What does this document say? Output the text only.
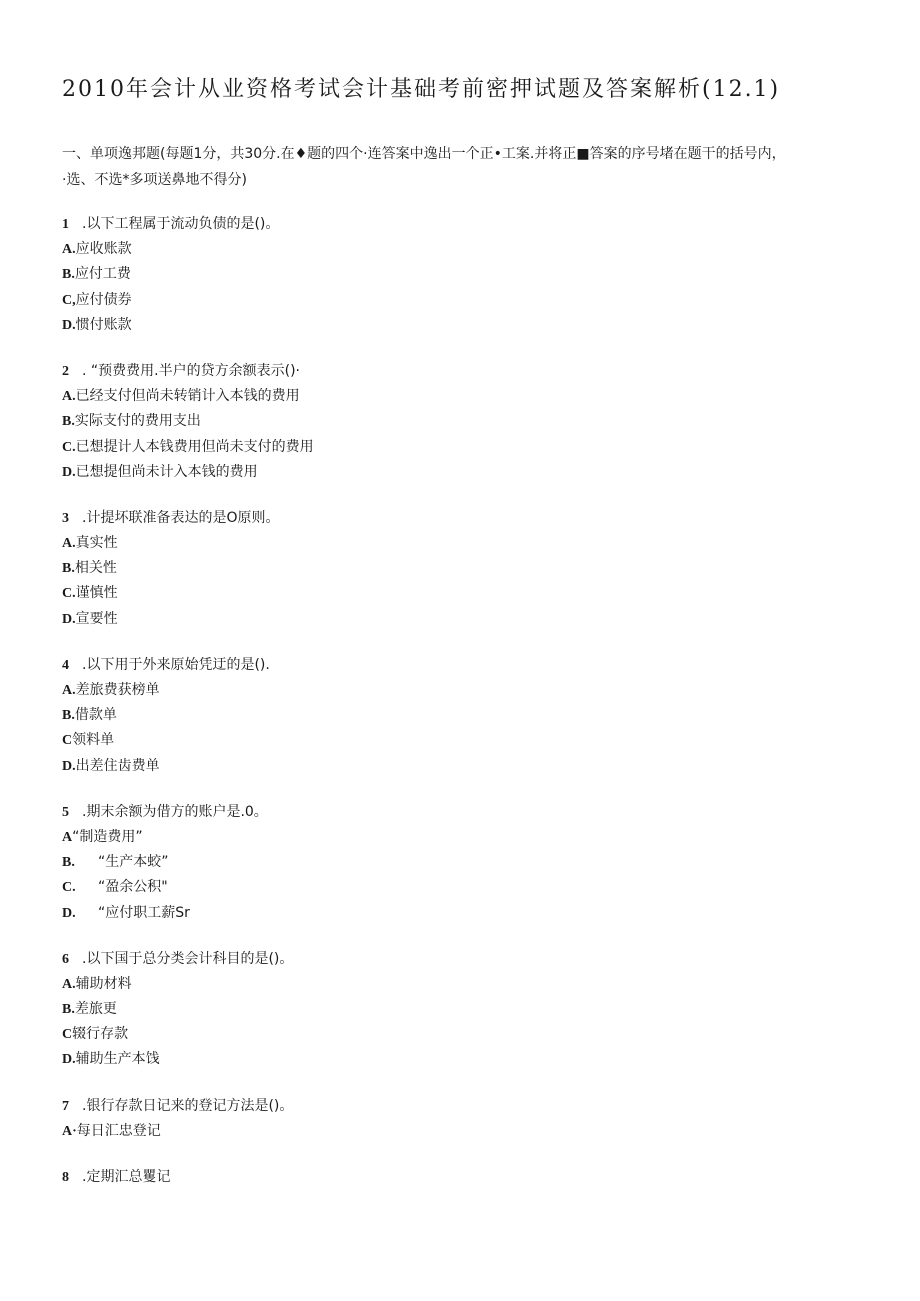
2010年会计从业资格考试会计基础考前密押试题及答案解析(12.1)
一、单项逸邦题(每题1分，共30分.在♦题的四个·连答案中逸出一个正•工案.并将正■答案的序号堵在题干的括号内，
·选、不选*多项送鼻地不得分)
1 .以下工程属于流动负债的是()。
A.应收账款
B.应付工费
C,应付债券
D.惯付账款
2 . “预费费用.半户的贷方余额表示()·
A.已经支付但尚未转销计入本钱的费用
B.实际支付的费用支出
C.已想提计人本钱费用但尚未支付的费用
D.已想提但尚未计入本钱的费用
3 .计提坏联准备表达的是O原则。
A.真实性
B.相关性
C.谨慎性
D.宣要性
4 .以下用于外来原始凭迂的是().
A.差旅费获榜单
B.借款单
C领料单
D.出差住齿费单
5 .期末余额为借方的账户是.0。
A“制造费用”
B. “生产本蛟”
C. “盈余公积"
D. “应付职工薪Sr
6 .以下国于总分类会计科目的是()。
A.辅助材料
B.差旅更
C辍行存款
D.辅助生产本饯
7 .银行存款日记来的登记方法是()。
A·每日汇忠登记
8 .定期汇总矍记
